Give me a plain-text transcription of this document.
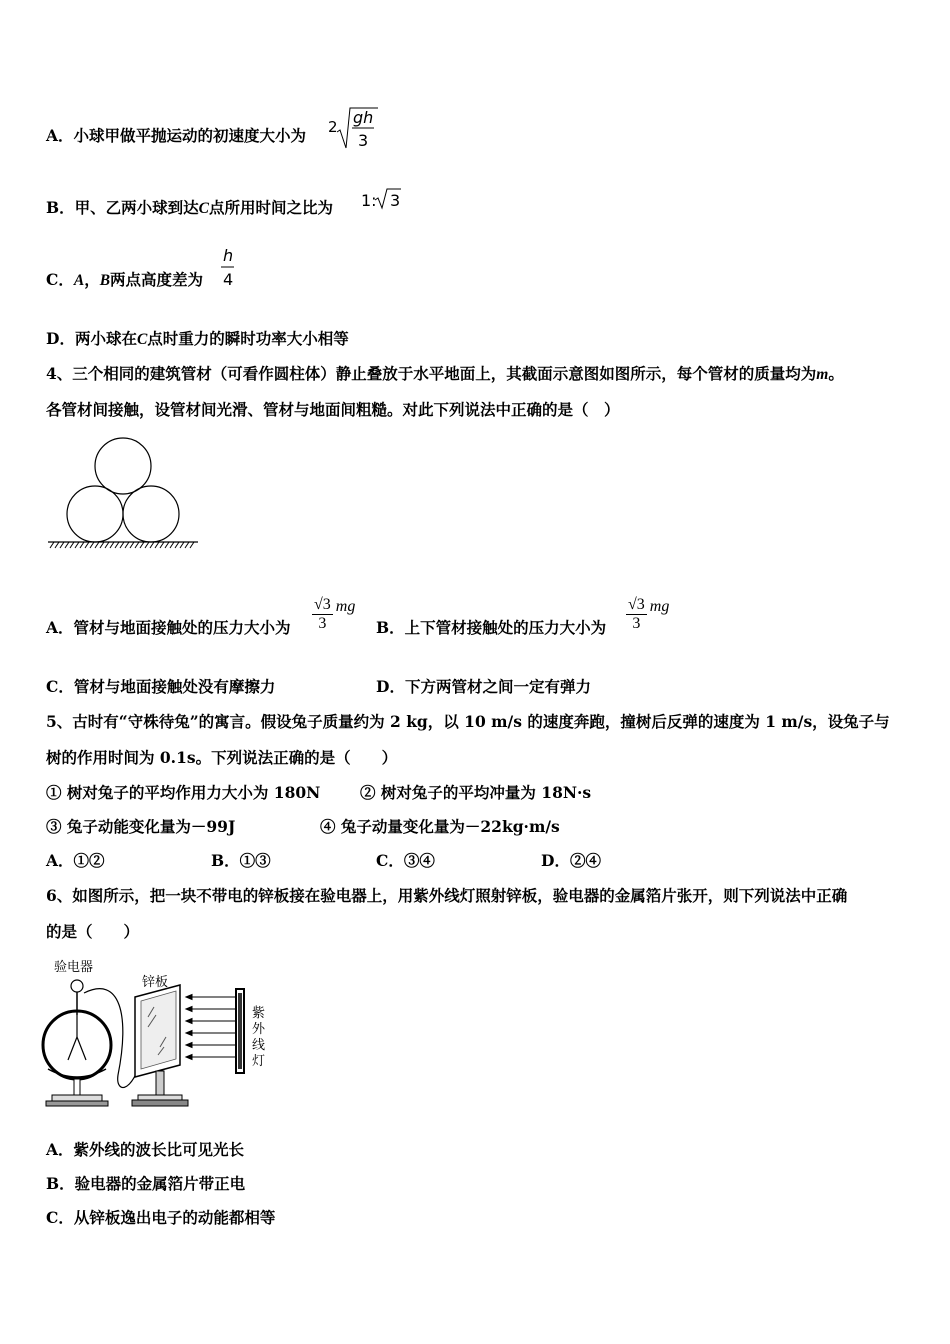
A．小球甲做平抛运动的初速度大小为 2 gh
3
B．甲、乙两小球到达C点所用时间之比为 1: 3
C．A，B两点高度差为
h
4
D．两小球在C点时重力的瞬时功率大小相等
4、三个相同的建筑管材（可看作圆柱体）静止叠放于水平地面上，其截面示意图如图所示，每个管材的质量均为m。
各管材间接触，设管材间光滑、管材与地面间粗糙。对此下列说法中正确的是（　）
A．管材与地面接触处的压力大小为 $\frac{√3}{3}$ mg
B．上下管材接触处的压力大小为 $\frac{√3}{3}$ mg
C．管材与地面接触处没有摩擦力	D．下方两管材之间一定有弹力
5、古时有“守株待兔”的寓言。假设兔子质量约为 2 kg，以 10 m/s 的速度奔跑，撞树后反弹的速度为 1 m/s，设兔子与
树的作用时间为 0.1s。下列说法正确的是（　　）
① 树对兔子的平均作用力大小为 180N	② 树对兔子的平均冲量为 18N·s
③ 兔子动能变化量为－99J	④ 兔子动量变化量为－22kg·m/s
A．①②	B．①③	C．③④	D．②④
6、如图所示，把一块不带电的锌板接在验电器上，用紫外线灯照射锌板，验电器的金属箔片张开，则下列说法中正确
的是（　　）
验电器
锌板
紫
外
线
灯
A．紫外线的波长比可见光长
B．验电器的金属箔片带正电
C．从锌板逸出电子的动能都相等
